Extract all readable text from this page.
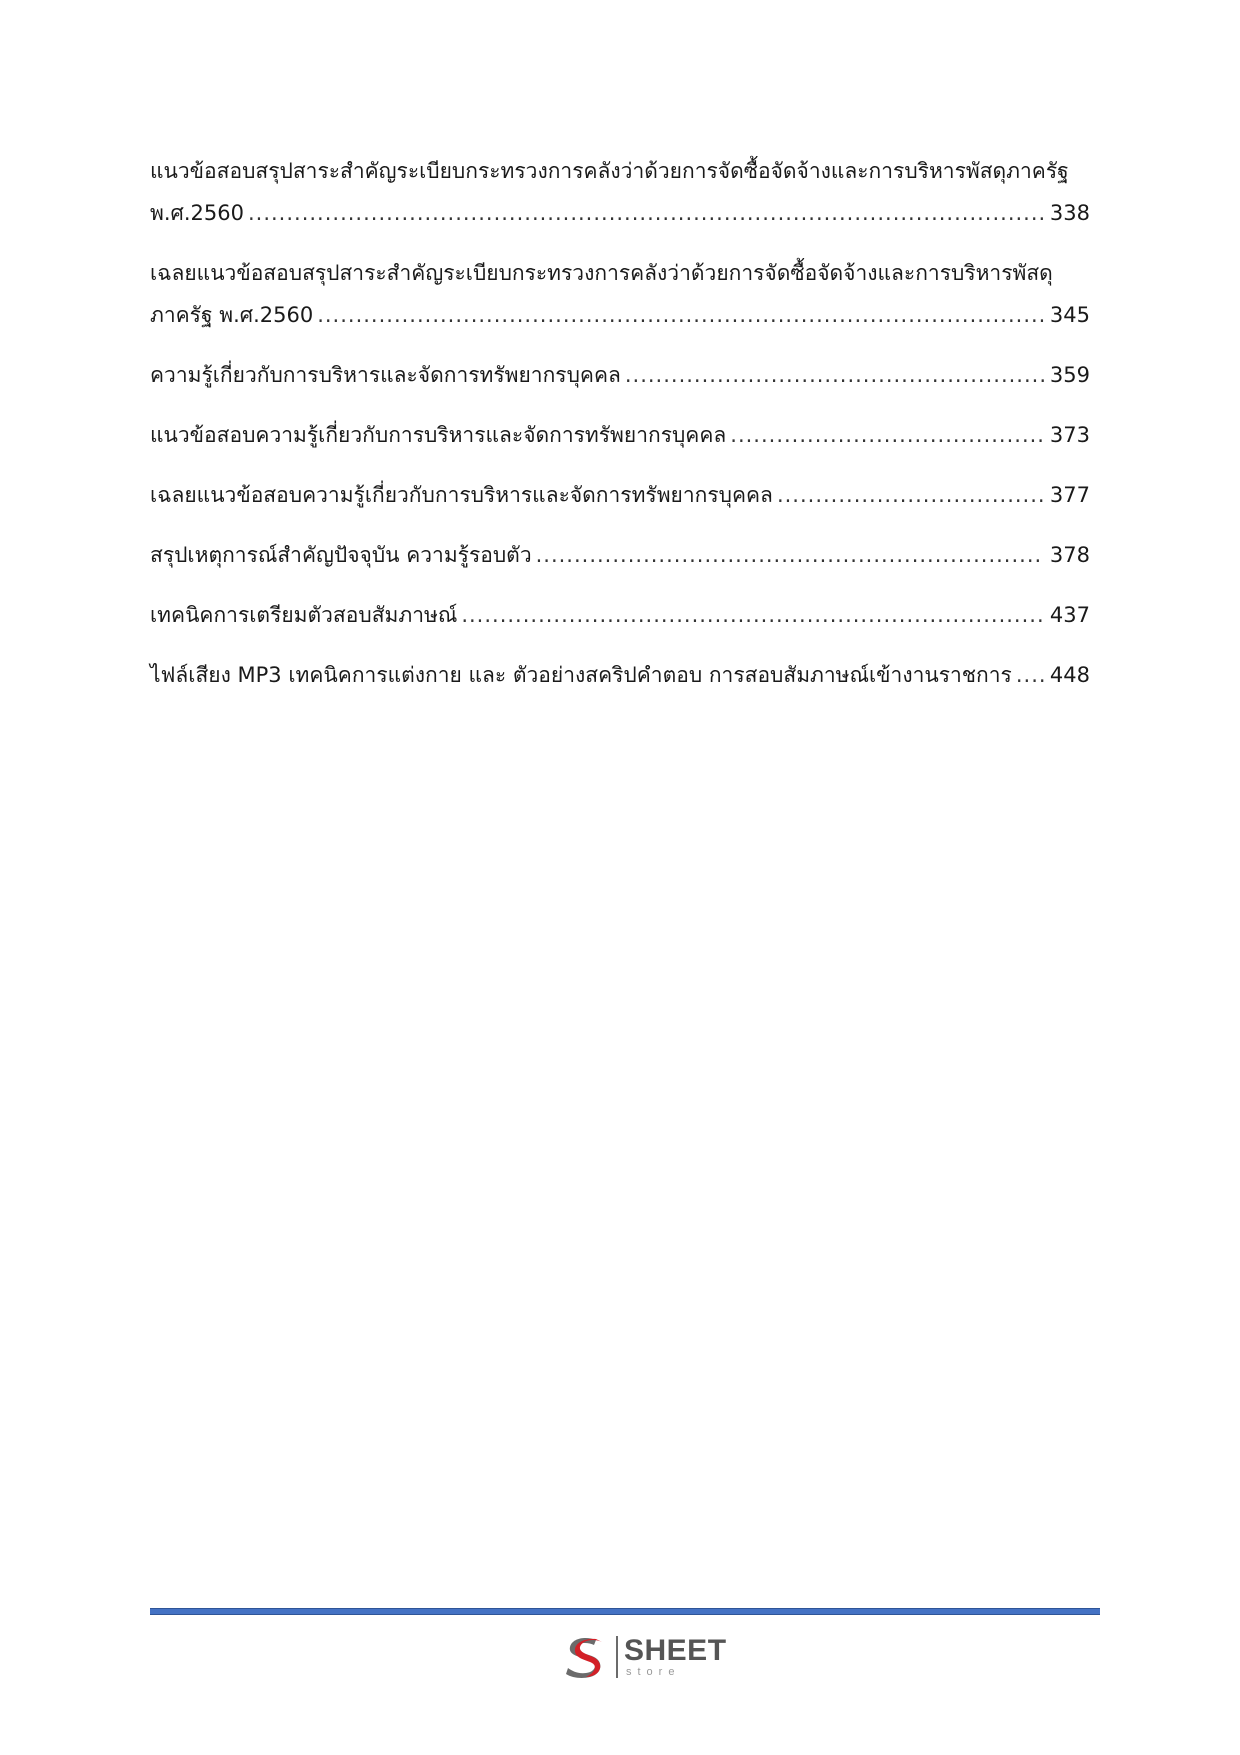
แนวข้อสอบสรุปสาระสำคัญระเบียบกระทรวงการคลังว่าด้วยการจัดซื้อจัดจ้างและการบริหารพัสดุภาครัฐ
พ.ศ.2560 .....	338
เฉลยแนวข้อสอบสรุปสาระสำคัญระเบียบกระทรวงการคลังว่าด้วยการจัดซื้อจัดจ้างและการบริหารพัสดุ
ภาครัฐ พ.ศ.2560 .....	345
ความรู้เกี่ยวกับการบริหารและจัดการทรัพยากรบุคคล .....	359
แนวข้อสอบความรู้เกี่ยวกับการบริหารและจัดการทรัพยากรบุคคล .....	373
เฉลยแนวข้อสอบความรู้เกี่ยวกับการบริหารและจัดการทรัพยากรบุคคล .....	377
สรุปเหตุการณ์สำคัญปัจจุบัน ความรู้รอบตัว .....	378
เทคนิคการเตรียมตัวสอบสัมภาษณ์ .....	437
ไฟล์เสียง MP3 เทคนิคการแต่งกาย และ ตัวอย่างสคริปคำตอบ การสอบสัมภาษณ์เข้างานราชการ ..... 448
SHEET
store
